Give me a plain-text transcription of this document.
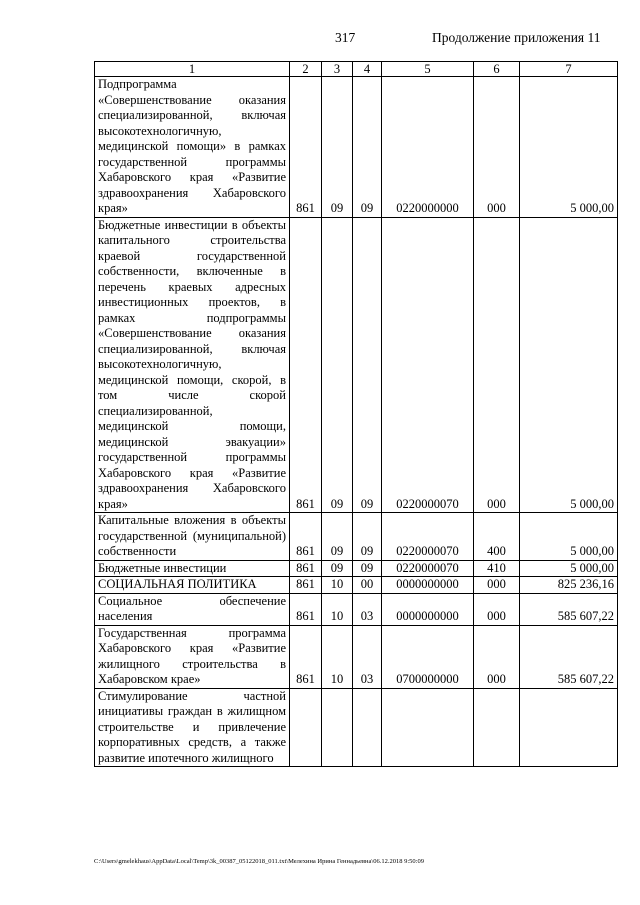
317	Продолжение приложения 11
1	2	3	4	5	6	7
Подпрограмма «Совершенствование оказания специализированной, включая высокотехнологичную, медицинской помощи» в рамках государственной программы Хабаровского края «Развитие здравоохранения Хабаровского края»	861	09	09	0220000000	000	5 000,00
Бюджетные инвестиции в объекты капитального строительства краевой государственной собственности, включенные в перечень краевых адресных инвестиционных проектов, в рамках подпрограммы «Совершенствование оказания специализированной, включая высокотехнологичную, медицинской помощи, скорой, в том числе скорой специализированной, медицинской помощи, медицинской эвакуации» государственной программы Хабаровского края «Развитие здравоохранения Хабаровского края»	861	09	09	0220000070	000	5 000,00
Капитальные вложения в объекты государственной (муниципальной) собственности	861	09	09	0220000070	400	5 000,00
Бюджетные инвестиции	861	09	09	0220000070	410	5 000,00
СОЦИАЛЬНАЯ ПОЛИТИКА	861	10	00	0000000000	000	825 236,16
Социальное обеспечение населения	861	10	03	0000000000	000	585 607,22
Государственная программа Хабаровского края «Развитие жилищного строительства в Хабаровском крае»	861	10	03	0700000000	000	585 607,22
Стимулирование частной инициативы граждан в жилищном строительстве и привлечение корпоративных средств, а также развитие ипотечного жилищного						
C:\Users\gmelekhaus\AppData\Local\Temp\3k_00387_05122018_011.txt\Мелехина Ирина Геннадьевна\06.12.2018 9:50:09
